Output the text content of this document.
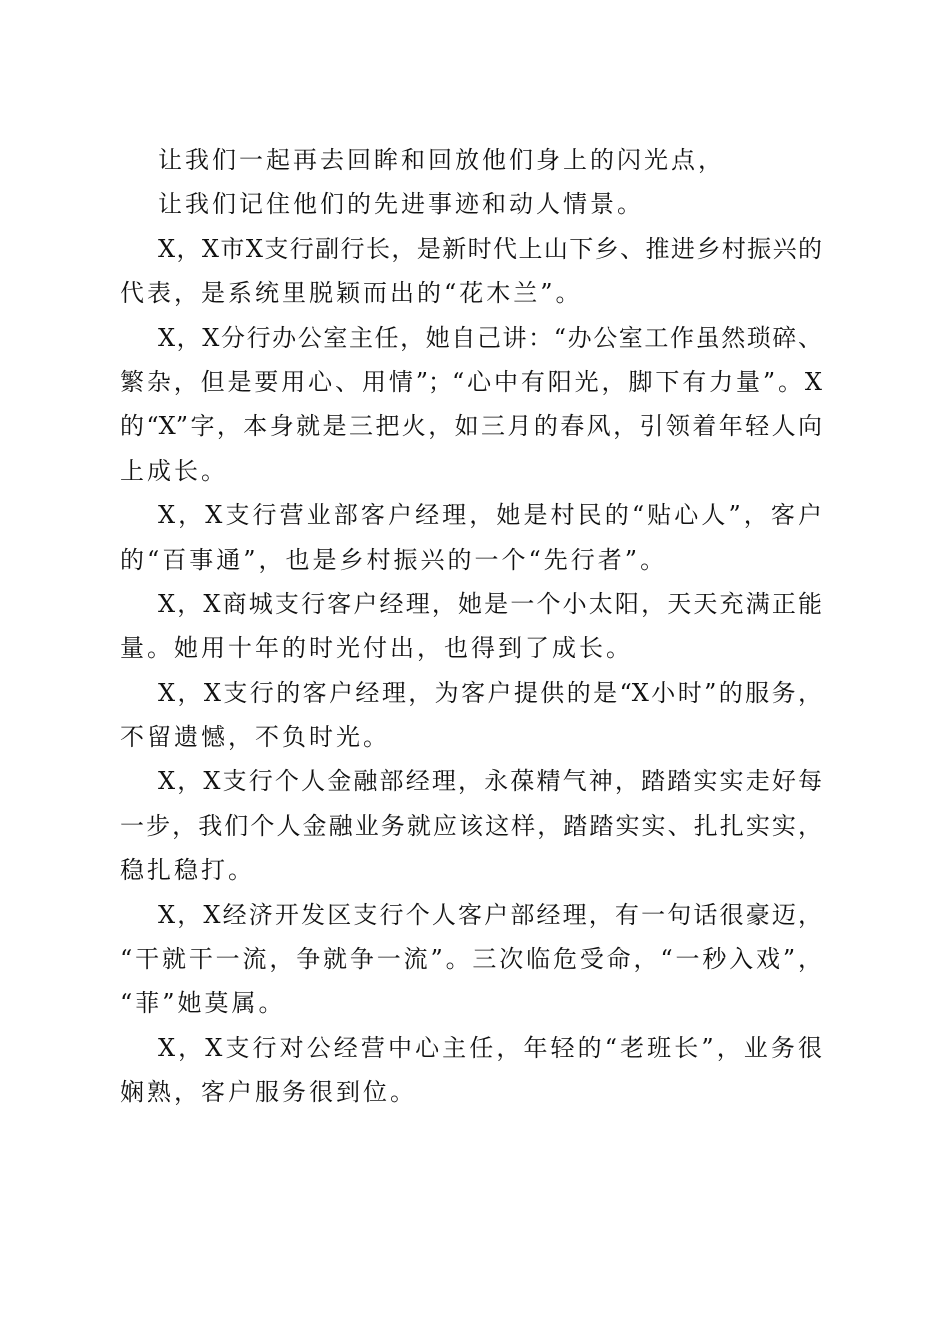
让我们一起再去回眸和回放他们身上的闪光点，
让我们记住他们的先进事迹和动人情景。
X，X市X支行副行长，是新时代上山下乡、推进乡村振兴的
代表，是系统里脱颖而出的“花木兰”。
X，X分行办公室主任，她自己讲：“办公室工作虽然琐碎、
繁杂，但是要用心、用情”；“心中有阳光，脚下有力量”。X
的“X”字，本身就是三把火，如三月的春风，引领着年轻人向
上成长。
X，X支行营业部客户经理，她是村民的“贴心人”，客户
的“百事通”，也是乡村振兴的一个“先行者”。
X，X商城支行客户经理，她是一个小太阳，天天充满正能
量。她用十年的时光付出，也得到了成长。
X，X支行的客户经理，为客户提供的是“X小时”的服务，
不留遗憾，不负时光。
X，X支行个人金融部经理，永葆精气神，踏踏实实走好每
一步，我们个人金融业务就应该这样，踏踏实实、扎扎实实，
稳扎稳打。
X，X经济开发区支行个人客户部经理，有一句话很豪迈，
“干就干一流，争就争一流”。三次临危受命，“一秒入戏”，
“菲”她莫属。
X，X支行对公经营中心主任，年轻的“老班长”，业务很
娴熟，客户服务很到位。
